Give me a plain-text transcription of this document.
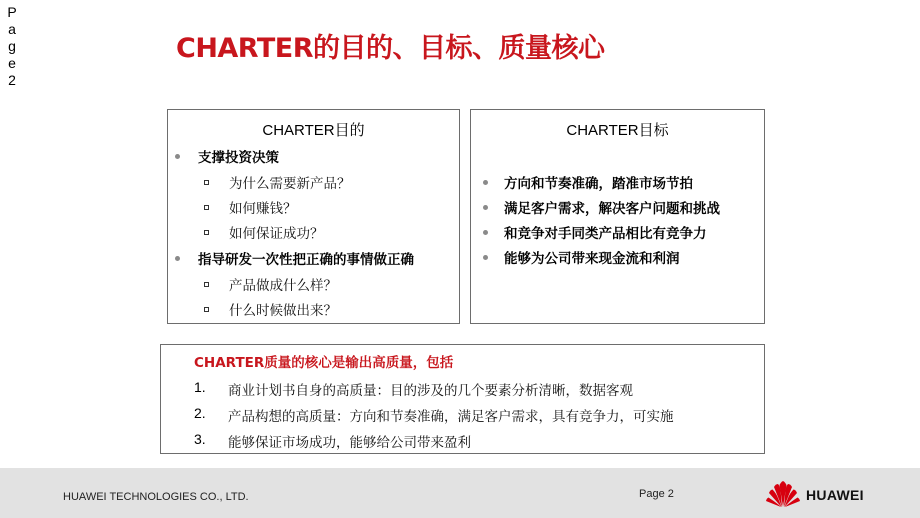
P
a
g
e
2
CHARTER的目的、目标、质量核心
CHARTER目的
支撑投资决策
为什么需要新产品？
如何赚钱？
如何保证成功？
指导研发一次性把正确的事情做正确
产品做成什么样？
什么时候做出来？
CHARTER目标
方向和节奏准确，踏准市场节拍
满足客户需求，解决客户问题和挑战
和竞争对手同类产品相比有竞争力
能够为公司带来现金流和利润
CHARTER质量的核心是输出高质量，包括
1. 商业计划书自身的高质量：目的涉及的几个要素分析清晰，数据客观
2. 产品构想的高质量：方向和节奏准确，满足客户需求，具有竞争力，可实施
3. 能够保证市场成功，能够给公司带来盈利
HUAWEI TECHNOLOGIES CO., LTD.	Page 2	HUAWEI
